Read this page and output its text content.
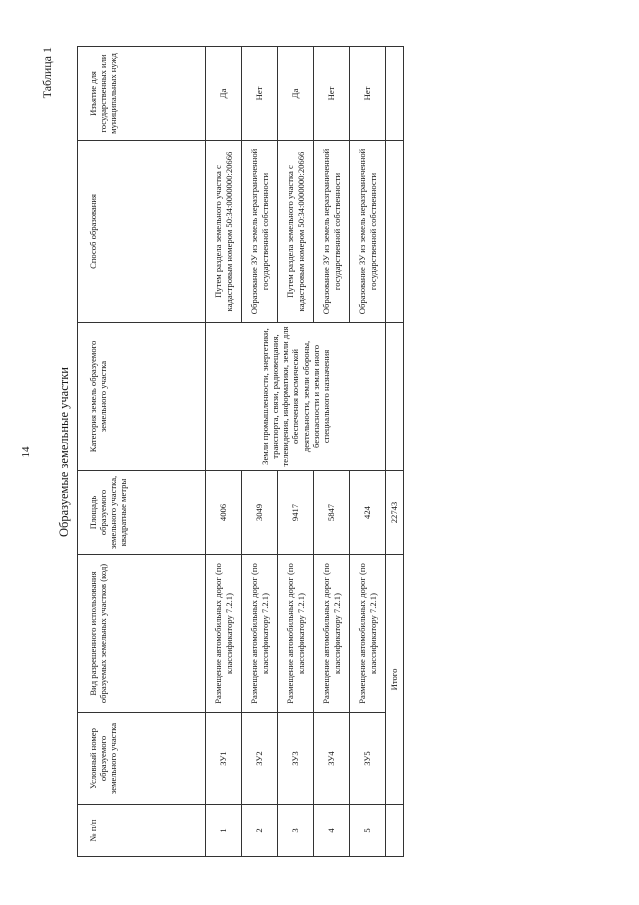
14
Таблица 1
Образуемые земельные участки
№ п/п	Условный номер образуемого земельного участка	Вид разрешенного использования образуемых земельных участков (код)	Площадь образуемого земельного участка, квадратные метры	Категория земель образуемого земельного участка	Способ образования	Изъятие для государственных или муниципальных нужд
1	ЗУ1	Размещение автомобильных дорог (по классификатору 7.2.1)	4006	Земли промышленности, энергетики, транспорта, связи, радиовещания, телевидения, информатики, земли для обеспечения космической деятельности, земли обороны, безопасности и земли иного специального назначения	Путем раздела земельного участка с кадастровым номером 50:34:0000000:20666	Да
2	ЗУ2	Размещение автомобильных дорог (по классификатору 7.2.1)	3049		Образование ЗУ из земель неразграниченной государственной собственности	Нет
3	ЗУ3	Размещение автомобильных дорог (по классификатору 7.2.1)	9417		Путем раздела земельного участка с кадастровым номером 50:34:0000000:20666	Да
4	ЗУ4	Размещение автомобильных дорог (по классификатору 7.2.1)	5847		Образование ЗУ из земель неразграниченной государственной собственности	Нет
5	ЗУ5	Размещение автомобильных дорог (по классификатору 7.2.1)	424		Образование ЗУ из земель неразграниченной государственной собственности	Нет
	Итого		22743			
